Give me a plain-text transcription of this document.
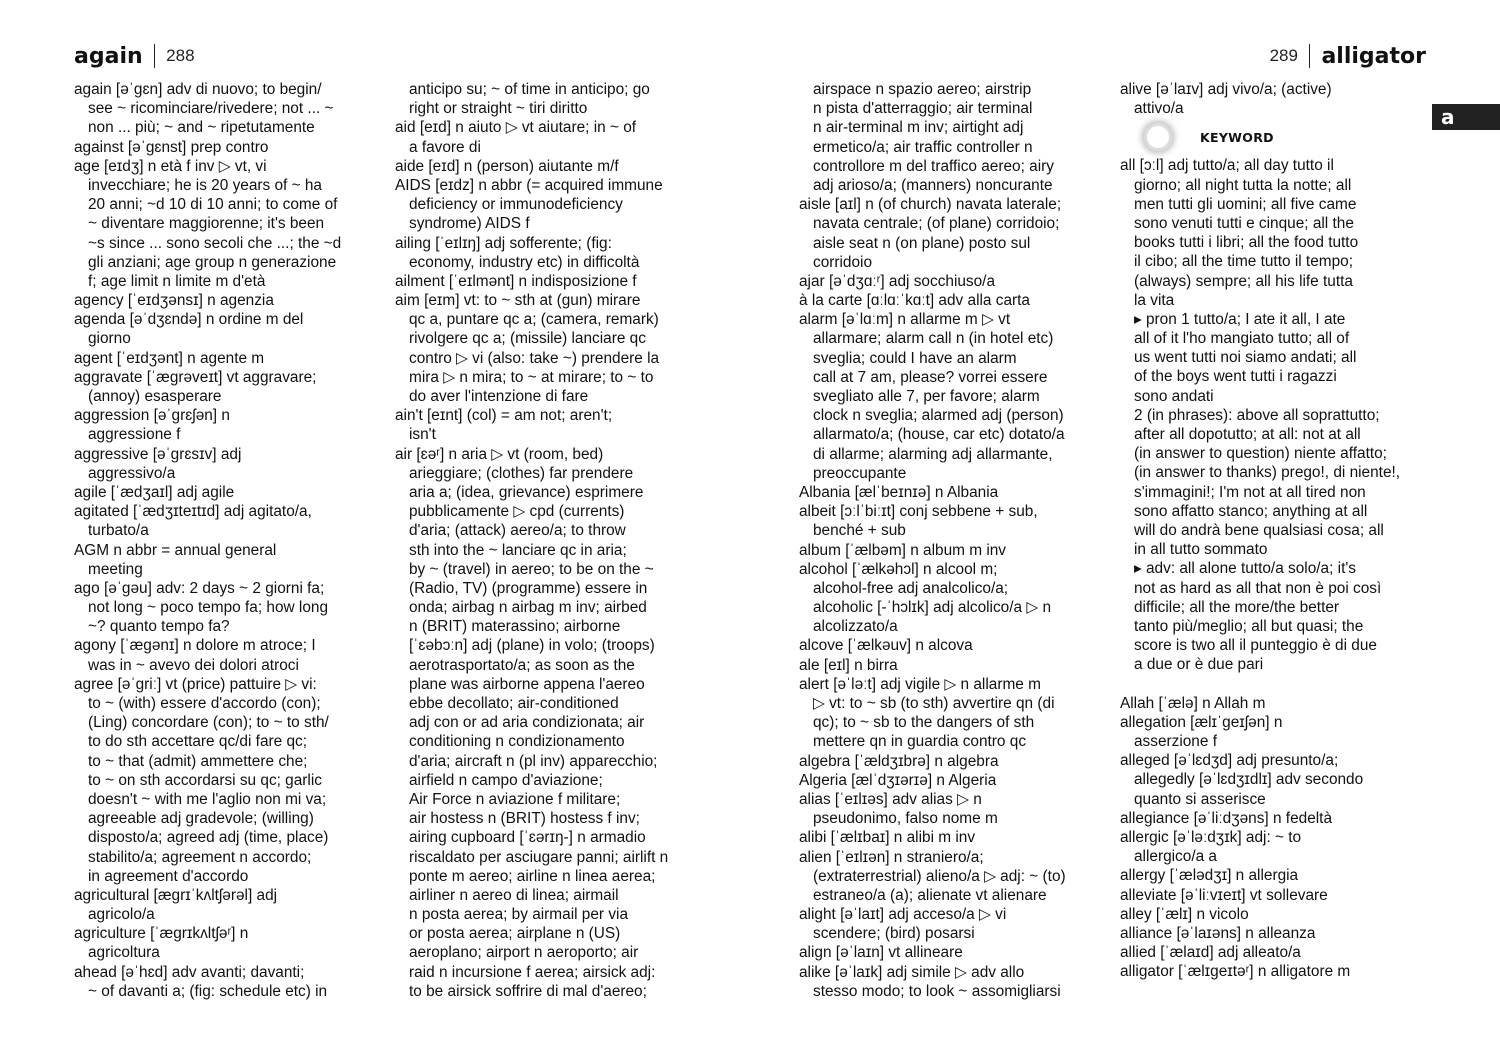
again 288	289 alligator
a
again [əˈɡɛn] adv di nuovo; to begin/
see ~ ricominciare/rivedere; not ... ~
non ... più; ~ and ~ ripetutamente
against [əˈɡɛnst] prep contro
age [eɪdʒ] n età f inv ▷ vt, vi
invecchiare; he is 20 years of ~ ha
20 anni; ~d 10 di 10 anni; to come of
~ diventare maggiorenne; it's been
~s since ... sono secoli che ...; the ~d
gli anziani; age group n generazione
f; age limit n limite m d'età
agency [ˈeɪdʒənsɪ] n agenzia
agenda [əˈdʒɛndə] n ordine m del
giorno
agent [ˈeɪdʒənt] n agente m
aggravate [ˈæɡrəveɪt] vt aggravare;
(annoy) esasperare
aggression [əˈɡrɛʃən] n
aggressione f
aggressive [əˈɡrɛsɪv] adj
aggressivo/a
agile [ˈædʒaɪl] adj agile
agitated [ˈædʒɪteɪtɪd] adj agitato/a,
turbato/a
AGM n abbr = annual general
meeting
ago [əˈɡəu] adv: 2 days ~ 2 giorni fa;
not long ~ poco tempo fa; how long
~? quanto tempo fa?
agony [ˈæɡənɪ] n dolore m atroce; I
was in ~ avevo dei dolori atroci
agree [əˈɡriː] vt (price) pattuire ▷ vi:
to ~ (with) essere d'accordo (con);
(Ling) concordare (con); to ~ to sth/
to do sth accettare qc/di fare qc;
to ~ that (admit) ammettere che;
to ~ on sth accordarsi su qc; garlic
doesn't ~ with me l'aglio non mi va;
agreeable adj gradevole; (willing)
disposto/a; agreed adj (time, place)
stabilito/a; agreement n accordo;
in agreement d'accordo
agricultural [æɡrɪˈkʌltʃərəl] adj
agricolo/a
agriculture [ˈæɡrɪkʌltʃəʳ] n
agricoltura
ahead [əˈhɛd] adv avanti; davanti;
~ of davanti a; (fig: schedule etc) in
anticipo su; ~ of time in anticipo; go
right or straight ~ tiri diritto
aid [eɪd] n aiuto ▷ vt aiutare; in ~ of
a favore di
aide [eɪd] n (person) aiutante m/f
AIDS [eɪdz] n abbr (= acquired immune
deficiency or immunodeficiency
syndrome) AIDS f
ailing [ˈeɪlɪŋ] adj sofferente; (fig:
economy, industry etc) in difficoltà
ailment [ˈeɪlmənt] n indisposizione f
aim [eɪm] vt: to ~ sth at (gun) mirare
qc a, puntare qc a; (camera, remark)
rivolgere qc a; (missile) lanciare qc
contro ▷ vi (also: take ~) prendere la
mira ▷ n mira; to ~ at mirare; to ~ to
do aver l'intenzione di fare
ain't [eɪnt] (col) = am not; aren't;
isn't
air [ɛəʳ] n aria ▷ vt (room, bed)
arieggiare; (clothes) far prendere
aria a; (idea, grievance) esprimere
pubblicamente ▷ cpd (currents)
d'aria; (attack) aereo/a; to throw
sth into the ~ lanciare qc in aria;
by ~ (travel) in aereo; to be on the ~
(Radio, TV) (programme) essere in
onda; airbag n airbag m inv; airbed
n (BRIT) materassino; airborne
[ˈɛəbɔːn] adj (plane) in volo; (troops)
aerotrasportato/a; as soon as the
plane was airborne appena l'aereo
ebbe decollato; air-conditioned
adj con or ad aria condizionata; air
conditioning n condizionamento
d'aria; aircraft n (pl inv) apparecchio;
airfield n campo d'aviazione;
Air Force n aviazione f militare;
air hostess n (BRIT) hostess f inv;
airing cupboard [ˈɛərɪŋ-] n armadio
riscaldato per asciugare panni; airlift n
ponte m aereo; airline n linea aerea;
airliner n aereo di linea; airmail
n posta aerea; by airmail per via
or posta aerea; airplane n (US)
aeroplano; airport n aeroporto; air
raid n incursione f aerea; airsick adj:
to be airsick soffrire di mal d'aereo;
airspace n spazio aereo; airstrip
n pista d'atterraggio; air terminal
n air-terminal m inv; airtight adj
ermetico/a; air traffic controller n
controllore m del traffico aereo; airy
adj arioso/a; (manners) noncurante
aisle [aɪl] n (of church) navata laterale;
navata centrale; (of plane) corridoio;
aisle seat n (on plane) posto sul
corridoio
ajar [əˈdʒɑːʳ] adj socchiuso/a
à la carte [ɑːlɑːˈkɑːt] adv alla carta
alarm [əˈlɑːm] n allarme m ▷ vt
allarmare; alarm call n (in hotel etc)
sveglia; could I have an alarm
call at 7 am, please? vorrei essere
svegliato alle 7, per favore; alarm
clock n sveglia; alarmed adj (person)
allarmato/a; (house, car etc) dotato/a
di allarme; alarming adj allarmante,
preoccupante
Albania [ælˈbeɪnɪə] n Albania
albeit [ɔːlˈbiːɪt] conj sebbene + sub,
benché + sub
album [ˈælbəm] n album m inv
alcohol [ˈælkəhɔl] n alcool m;
alcohol-free adj analcolico/a;
alcoholic [-ˈhɔlɪk] adj alcolico/a ▷ n
alcolizzato/a
alcove [ˈælkəuv] n alcova
ale [eɪl] n birra
alert [əˈləːt] adj vigile ▷ n allarme m
▷ vt: to ~ sb (to sth) avvertire qn (di
qc); to ~ sb to the dangers of sth
mettere qn in guardia contro qc
algebra [ˈældʒɪbrə] n algebra
Algeria [ælˈdʒɪərɪə] n Algeria
alias [ˈeɪlɪəs] adv alias ▷ n
pseudonimo, falso nome m
alibi [ˈælɪbaɪ] n alibi m inv
alien [ˈeɪlɪən] n straniero/a;
(extraterrestrial) alieno/a ▷ adj: ~ (to)
estraneo/a (a); alienate vt alienare
alight [əˈlaɪt] adj acceso/a ▷ vi
scendere; (bird) posarsi
align [əˈlaɪn] vt allineare
alike [əˈlaɪk] adj simile ▷ adv allo
stesso modo; to look ~ assomigliarsi
alive [əˈlaɪv] adj vivo/a; (active)
attivo/a
KEYWORD
all [ɔːl] adj tutto/a; all day tutto il
giorno; all night tutta la notte; all
men tutti gli uomini; all five came
sono venuti tutti e cinque; all the
books tutti i libri; all the food tutto
il cibo; all the time tutto il tempo;
(always) sempre; all his life tutta
la vita
▸ pron 1 tutto/a; I ate it all, I ate
all of it l'ho mangiato tutto; all of
us went tutti noi siamo andati; all
of the boys went tutti i ragazzi
sono andati
2 (in phrases): above all soprattutto;
after all dopotutto; at all: not at all
(in answer to question) niente affatto;
(in answer to thanks) prego!, di niente!,
s'immagini!; I'm not at all tired non
sono affatto stanco; anything at all
will do andrà bene qualsiasi cosa; all
in all tutto sommato
▸ adv: all alone tutto/a solo/a; it's
not as hard as all that non è poi così
difficile; all the more/the better
tanto più/meglio; all but quasi; the
score is two all il punteggio è di due
a due or è due pari
Allah [ˈælə] n Allah m
allegation [ælɪˈɡeɪʃən] n
asserzione f
alleged [əˈlɛdʒd] adj presunto/a;
allegedly [əˈlɛdʒɪdlɪ] adv secondo
quanto si asserisce
allegiance [əˈliːdʒəns] n fedeltà
allergic [əˈləːdʒɪk] adj: ~ to
allergico/a a
allergy [ˈælədʒɪ] n allergia
alleviate [əˈliːvɪeɪt] vt sollevare
alley [ˈælɪ] n vicolo
alliance [əˈlaɪəns] n alleanza
allied [ˈælaɪd] adj alleato/a
alligator [ˈælɪɡeɪtəʳ] n alligatore m
